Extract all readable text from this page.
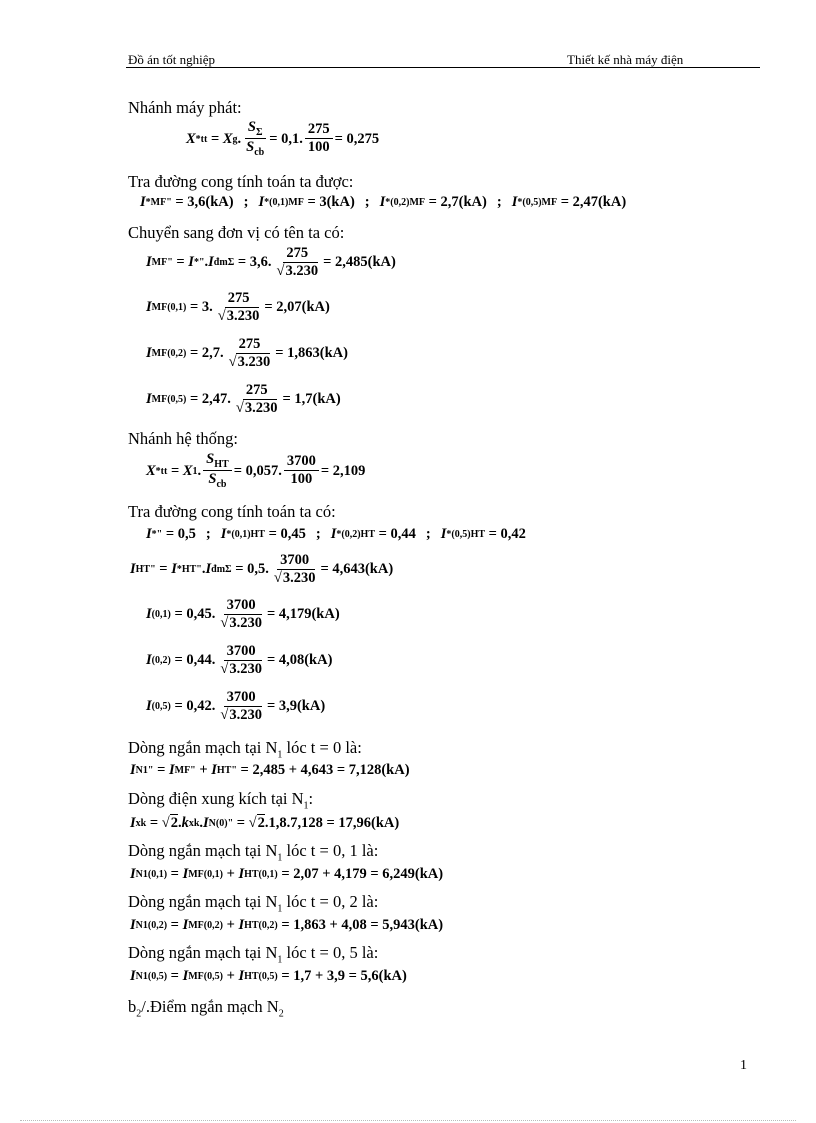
Đồ án tốt nghiệp	Thiết kế nhà máy điện
Nhánh máy phát:
X *tt = X g .
$S_\Sigma$
$S_{cb}$
= 0,1 .
275
100
= 0,275
Tra đường cong tính toán ta được:
I *MF " = 3,6(kA) ; I *(0,1) MF = 3(kA) ; I *(0,2) MF = 2,7(kA) ; I *(0,5) MF = 2,47(kA)
Chuyển sang đơn vị có tên ta có:
I MF " = I * " . I đm Σ = 3,6 .
275
√3.230
= 2,485(kA)
I MF(0,1) = 3 .
275
√3.230
= 2,07(kA)
I MF(0,2) = 2,7 .
275
√3.230
= 1,863(kA)
I MF(0,5) = 2,47 .
275
√3.230
= 1,7(kA)
Nhánh hệ thống:
X *tt = X 1 .
$S_{HT}$
$S_{cb}$
= 0,057 .
3700
100
= 2,109
Tra đường cong tính toán ta có:
I * " = 0,5 ; I *(0,1) HT = 0,45 ; I *(0,2) HT = 0,44 ; I *(0,5) HT = 0,42
I HT " = I *HT " . I đm Σ = 0,5 .
3700
√3.230
= 4,643(kA)
I (0,1) = 0,45 .
3700
√3.230
= 4,179(kA)
I (0,2) = 0,44 .
3700
√3.230
= 4,08(kA)
I (0,5) = 0,42 .
3700
√3.230
= 3,9(kA)
Dòng ngắn mạch tại $N_1$ lóc t = 0 là:
I N1 " = I MF " + I HT " = 2,485 + 4,643 = 7,128(kA)
Dòng điện xung kích tại $N_1$:
I xk = √ 2 . k xk . I N(0) " = √ 2 . 1,8 . 7,128 = 17,96(kA)
Dòng ngắn mạch tại $N_1$ lóc t = 0, 1 là:
I N1(0,1) = I MF(0,1) + I HT(0,1) = 2,07 + 4,179 = 6,249(kA)
Dòng ngắn mạch tại $N_1$ lóc t = 0, 2 là:
I N1(0,2) = I MF(0,2) + I HT(0,2) = 1,863 + 4,08 = 5,943(kA)
Dòng ngắn mạch tại $N_1$ lóc t = 0, 5 là:
I N1(0,5) = I MF(0,5) + I HT(0,5) = 1,7 + 3,9 = 5,6(kA)
$b_2/.Điểm$ ngắn mạch $N_2$
1
